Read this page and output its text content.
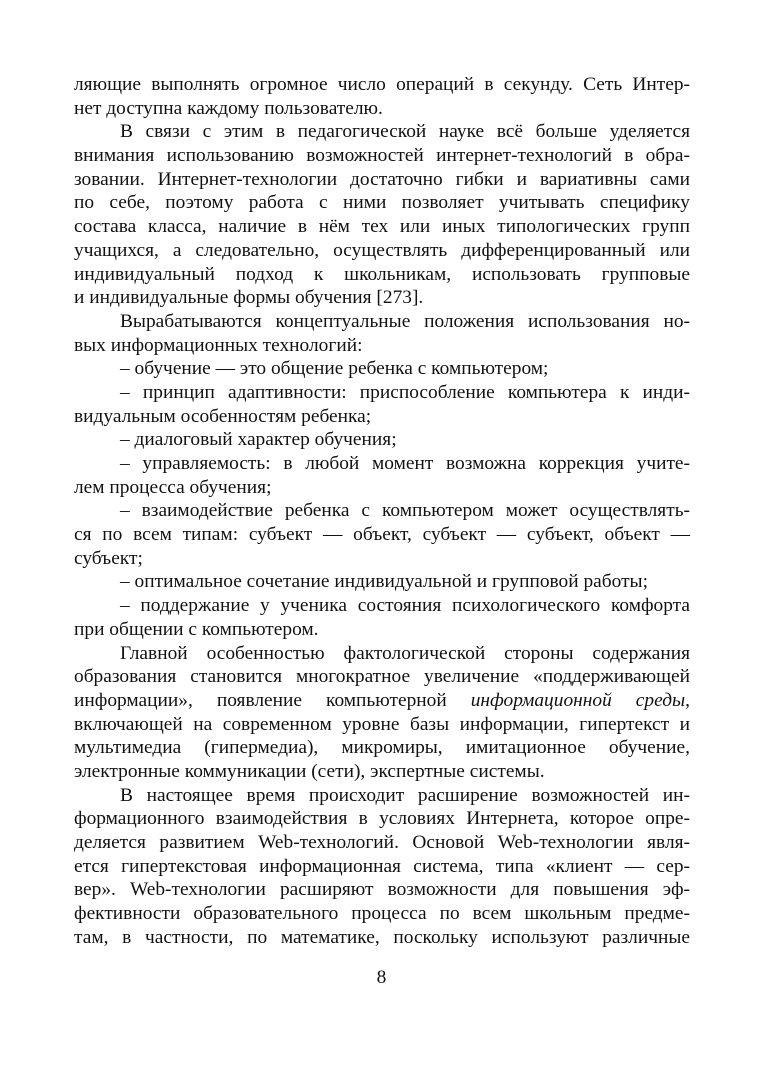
ляющие выполнять огромное число операций в секунду. Сеть Интер-
нет доступна каждому пользователю.
В связи с этим в педагогической науке всё больше уделяется
внимания использованию возможностей интернет-технологий в обра-
зовании. Интернет-технологии достаточно гибки и вариативны сами
по себе, поэтому работа с ними позволяет учитывать специфику
состава класса, наличие в нём тех или иных типологических групп
учащихся, а следовательно, осуществлять дифференцированный или
индивидуальный подход к школьникам, использовать групповые
и индивидуальные формы обучения [273].
Вырабатываются концептуальные положения использования но-
вых информационных технологий:
– обучение — это общение ребенка с компьютером;
– принцип адаптивности: приспособление компьютера к инди-
видуальным особенностям ребенка;
– диалоговый характер обучения;
– управляемость: в любой момент возможна коррекция учите-
лем процесса обучения;
– взаимодействие ребенка с компьютером может осуществлять-
ся по всем типам: субъект — объект, субъект — субъект, объект —
субъект;
– оптимальное сочетание индивидуальной и групповой работы;
– поддержание у ученика состояния психологического комфорта
при общении с компьютером.
Главной особенностью фактологической стороны содержания
образования становится многократное увеличение «поддерживающей
информации», появление компьютерной информационной среды,
включающей на современном уровне базы информации, гипертекст и
мультимедиа (гипермедиа), микромиры, имитационное обучение,
электронные коммуникации (сети), экспертные системы.
В настоящее время происходит расширение возможностей ин-
формационного взаимодействия в условиях Интернета, которое опре-
деляется развитием Web-технологий. Основой Web-технологии явля-
ется гипертекстовая информационная система, типа «клиент — сер-
вер». Web-технологии расширяют возможности для повышения эф-
фективности образовательного процесса по всем школьным предме-
там, в частности, по математике, поскольку используют различные
8
